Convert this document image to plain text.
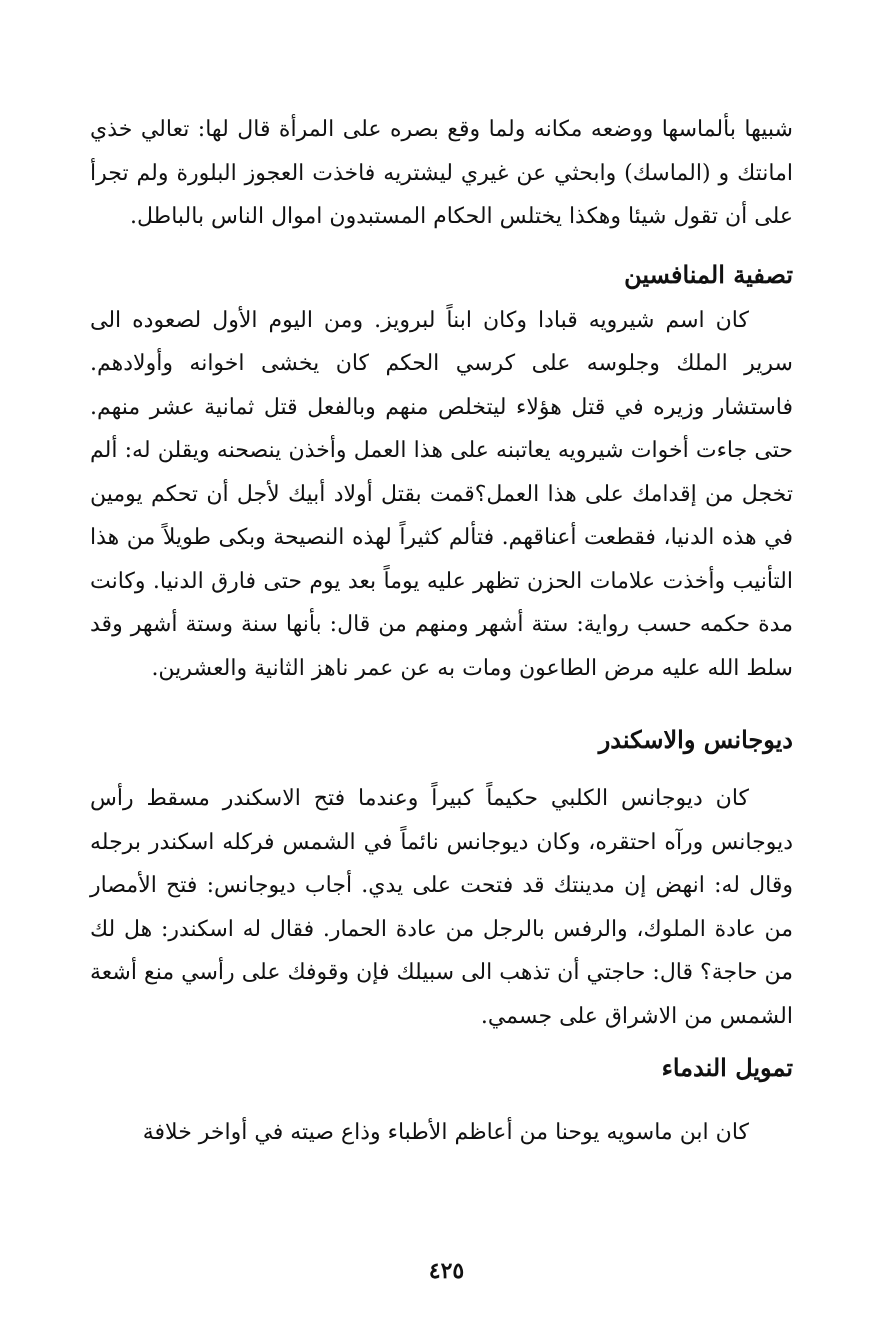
شبيها بألماسها ووضعه مكانه ولما وقع بصره على المرأة قال لها: تعالي خذي امانتك و (الماسك) وابحثي عن غيري ليشتريه فاخذت العجوز البلورة ولم تجرأ على أن تقول شيئا وهكذا يختلس الحكام المستبدون اموال الناس بالباطل.

تصفية المنافسين

كان اسم شيرويه قبادا وكان ابناً لبرويز. ومن اليوم الأول لصعوده الى سرير الملك وجلوسه على كرسي الحكم كان يخشى اخوانه وأولادهم. فاستشار وزيره في قتل هؤلاء ليتخلص منهم وبالفعل قتل ثمانية عشر منهم. حتى جاءت أخوات شيرويه يعاتبنه على هذا العمل وأخذن ينصحنه ويقلن له: ألم تخجل من إقدامك على هذا العمل؟قمت بقتل أولاد أبيك لأجل أن تحكم يومين في هذه الدنيا، فقطعت أعناقهم. فتألم كثيراً لهذه النصيحة وبكى طويلاً من هذا التأنيب وأخذت علامات الحزن تظهر عليه يوماً بعد يوم حتى فارق الدنيا. وكانت مدة حكمه حسب رواية: ستة أشهر ومنهم من قال: بأنها سنة وستة أشهر وقد سلط الله عليه مرض الطاعون ومات به عن عمر ناهز الثانية والعشرين.

ديوجانس والاسكندر

كان ديوجانس الكلبي حكيماً كبيراً وعندما فتح الاسكندر مسقط رأس ديوجانس ورآه احتقره، وكان ديوجانس نائماً في الشمس فركله اسكندر برجله وقال له: انهض إن مدينتك قد فتحت على يدي. أجاب ديوجانس: فتح الأمصار من عادة الملوك، والرفس بالرجل من عادة الحمار. فقال له اسكندر: هل لك من حاجة؟ قال: حاجتي أن تذهب الى سبيلك فإن وقوفك على رأسي منع أشعة الشمس من الاشراق على جسمي.

تمويل الندماء

كان ابن ماسويه يوحنا من أعاظم الأطباء وذاع صيته في أواخر خلافة

٤٢٥
